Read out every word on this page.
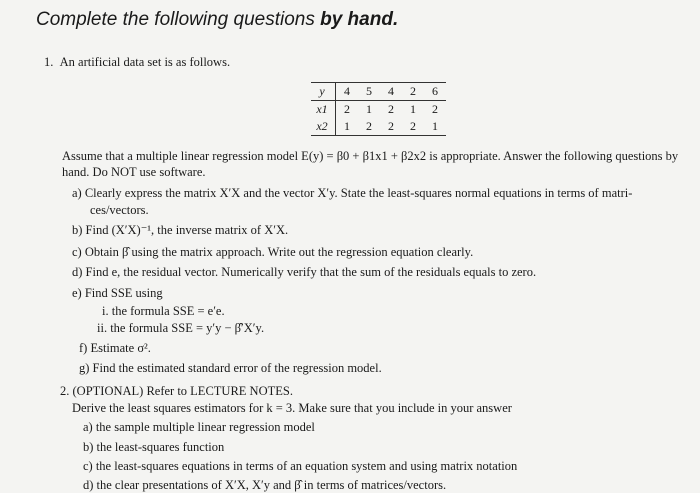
Complete the following questions by hand.
1. An artificial data set is as follows.
y	4	5	4	2	6
x1	2	1	2	1	2
x2	1	2	2	2	1
Assume that a multiple linear regression model E(y) = β0 + β1x1 + β2x2 is appropriate. Answer the following questions by
hand. Do NOT use software.
a) Clearly express the matrix X′X and the vector X′y. State the least-squares normal equations in terms of matri-
ces/vectors.
b) Find (X′X)⁻¹, the inverse matrix of X′X.
c) Obtain β̂ using the matrix approach. Write out the regression equation clearly.
d) Find e, the residual vector. Numerically verify that the sum of the residuals equals to zero.
e) Find SSE using
i. the formula SSE = e′e.
ii. the formula SSE = y′y − β̂′X′y.
f) Estimate σ².
g) Find the estimated standard error of the regression model.
2. (OPTIONAL) Refer to LECTURE NOTES.
Derive the least squares estimators for k = 3. Make sure that you include in your answer
a) the sample multiple linear regression model
b) the least-squares function
c) the least-squares equations in terms of an equation system and using matrix notation
d) the clear presentations of X′X, X′y and β̂ in terms of matrices/vectors.
